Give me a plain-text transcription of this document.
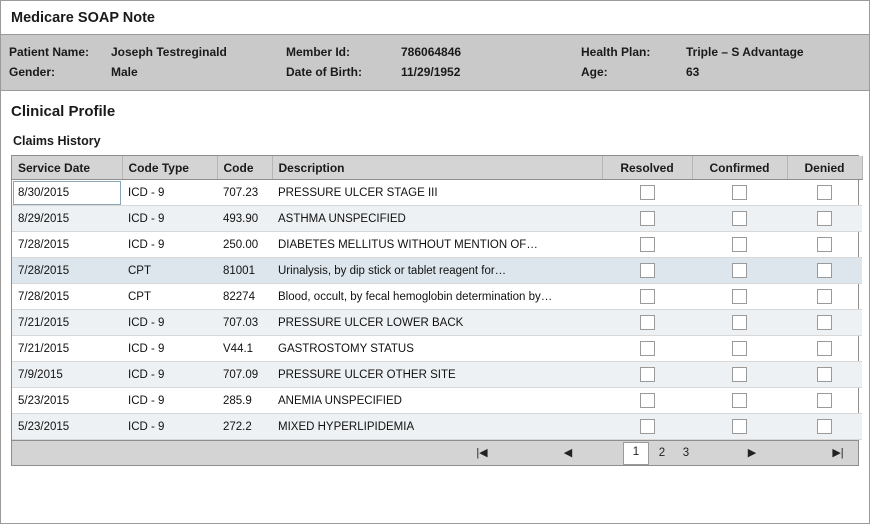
Medicare SOAP Note
Patient Name: Joseph Testreginald	Member Id:	786064846	Health Plan:	Triple – S Advantage
Gender:	Male	Date of Birth:	11/29/1952	Age:	63
Clinical Profile
Claims History
Service Date	Code Type	Code	Description	Resolved	Confirmed	Denied
8/30/2015	ICD - 9	707.23	PRESSURE ULCER STAGE III			
8/29/2015	ICD - 9	493.90	ASTHMA UNSPECIFIED			
7/28/2015	ICD - 9	250.00	DIABETES MELLITUS WITHOUT MENTION OF…			
7/28/2015	CPT	81001	Urinalysis, by dip stick or tablet reagent for…			
7/28/2015	CPT	82274	Blood, occult, by fecal hemoglobin determination by…			
7/21/2015	ICD - 9	707.03	PRESSURE ULCER LOWER BACK			
7/21/2015	ICD - 9	V44.1	GASTROSTOMY STATUS			
7/9/2015	ICD - 9	707.09	PRESSURE ULCER OTHER SITE			
5/23/2015	ICD - 9	285.9	ANEMIA UNSPECIFIED			
5/23/2015	ICD - 9	272.2	MIXED HYPERLIPIDEMIA			
|◀	◀	1	2	3	▶	▶|
